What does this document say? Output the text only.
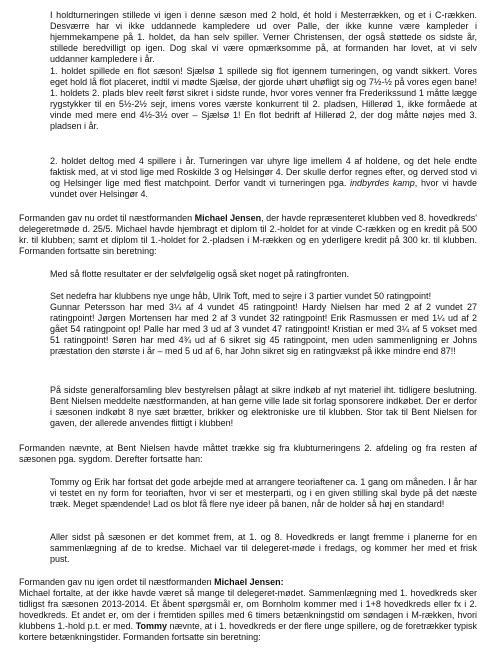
I holdturneringen stillede vi igen i denne sæson med 2 hold, ét hold i Mesterrækken, og et i C-rækken. Desværre har vi ikke uddannede kampledere ud over Palle, der ikke kunne være kampleder i hjemmekampene på 1. holdet, da han selv spiller. Verner Christensen, der også støttede os sidste år, stillede beredvilligt op igen. Dog skal vi være opmærksomme på, at formanden har lovet, at vi selv uddanner kampledere i år.

1. holdet spillede en flot sæson! Sjælsø 1 spillede sig flot igennem turneringen, og vandt sikkert. Vores eget hold lå flot placeret, indtil vi mødte Sjælsø, der gjorde uhørt uhøfligt sig og 7½-½ på vores egen bane! 1. holdets 2. plads blev reelt først sikret i sidste runde, hvor vores venner fra Frederikssund 1 måtte lægge rygstykker til en 5½-2½ sejr, imens vores værste konkurrent til 2. pladsen, Hillerød 1, ikke formåede at vinde med mere end 4½-3½ over – Sjælsø 1! En flot bedrift af Hillerød 2, der dog måtte nøjes med 3. pladsen i år.

2. holdet deltog med 4 spillere i år. Turneringen var uhyre lige imellem 4 af holdene, og det hele endte faktisk med, at vi stod lige med Roskilde 3 og Helsingør 4. Der skulle derfor regnes efter, og derved stod vi og Helsinger lige med flest matchpoint. Derfor vandt vi turneringen pga. indbyrdes kamp, hvor vi havde vundet over Helsingør 4.

Formanden gav nu ordet til næstformanden Michael Jensen, der havde repræsenteret klubben ved 8. hovedkreds' delegeretmøde d. 25/5. Michael havde hjembragt et diplom til 2.-holdet for at vinde C-rækken og en kredit på 500 kr. til klubben; samt et diplom til 1.-holdet for 2.-pladsen i M-rækken og en yderligere kredit på 300 kr. til klubben. Formanden fortsatte sin beretning:

Med så flotte resultater er der selvfølgelig også sket noget på ratingfronten.

Set nedefra har klubbens nye unge håb, Ulrik Toft, med to sejre i 3 partier vundet 50 ratingpoint!
Gunnar Petersson har med 3¼ af 4 vundet 45 ratingpoint! Hardy Nielsen har med 2 af 2 vundet 27 ratingpoint! Jørgen Mortensen har med 2 af 3 vundet 32 ratingpoint! Erik Rasmussen er med 1¼ ud af 2 gået 54 ratingpoint op! Palle har med 3 ud af 3 vundet 47 ratingpoint! Kristian er med 3¼ af 5 vokset med 51 ratingpoint! Søren har med 4¾ ud af 6 sikret sig 45 ratingpoint, men uden sammenligning er Johns præstation den største i år – med 5 ud af 6, har John sikret sig en ratingvækst på ikke mindre end 87!!

På sidste generalforsamling blev bestyrelsen pålagt at sikre indkøb af nyt materiel iht. tidligere beslutning. Bent Nielsen meddelte næstformanden, at han gerne ville lade sit forlag sponsorere indkøbet. Der er derfor i sæsonen indkøbt 8 nye sæt brætter, brikker og elektroniske ure til klubben. Stor tak til Bent Nielsen for gaven, der allerede anvendes flittigt i klubben!

Formanden nævnte, at Bent Nielsen havde måttet trække sig fra klubturneringens 2. afdeling og fra resten af sæsonen pga. sygdom. Derefter fortsatte han:

Tommy og Erik har fortsat det gode arbejde med at arrangere teoriaftener ca. 1 gang om måneden. I år har vi testet en ny form for teoriaften, hvor vi ser et mesterparti, og i en given stilling skal byde på det næste træk. Meget spændende! Lad os blot få flere nye ideer på banen, når de holder så høj en standard!

Aller sidst på sæsonen er det kommet frem, at 1. og 8. Hovedkreds er langt fremme i planerne for en sammenlægning af de to kredse. Michael var til delegeret-møde i fredags, og kommer her med et frisk pust.

Formanden gav nu igen ordet til næstformanden Michael Jensen:
Michael fortalte, at der ikke havde været så mange til delegeret-mødet. Sammenlægning med 1. hovedkreds sker tidligst fra sæsonen 2013-2014. Et åbent spørgsmål er, om Bornholm kommer med i 1+8 hovedkreds eller fx i 2. hovedkreds. Et andet er, om der i fremtiden spilles med 6 timers betænkningstid om søndagen i M-rækken, hvori klubbens 1.-hold p.t. er med. Tommy nævnte, at i 1. hovedkreds er der flere unge spillere, og de foretrækker typisk kortere betænkningstider. Formanden fortsatte sin beretning:
